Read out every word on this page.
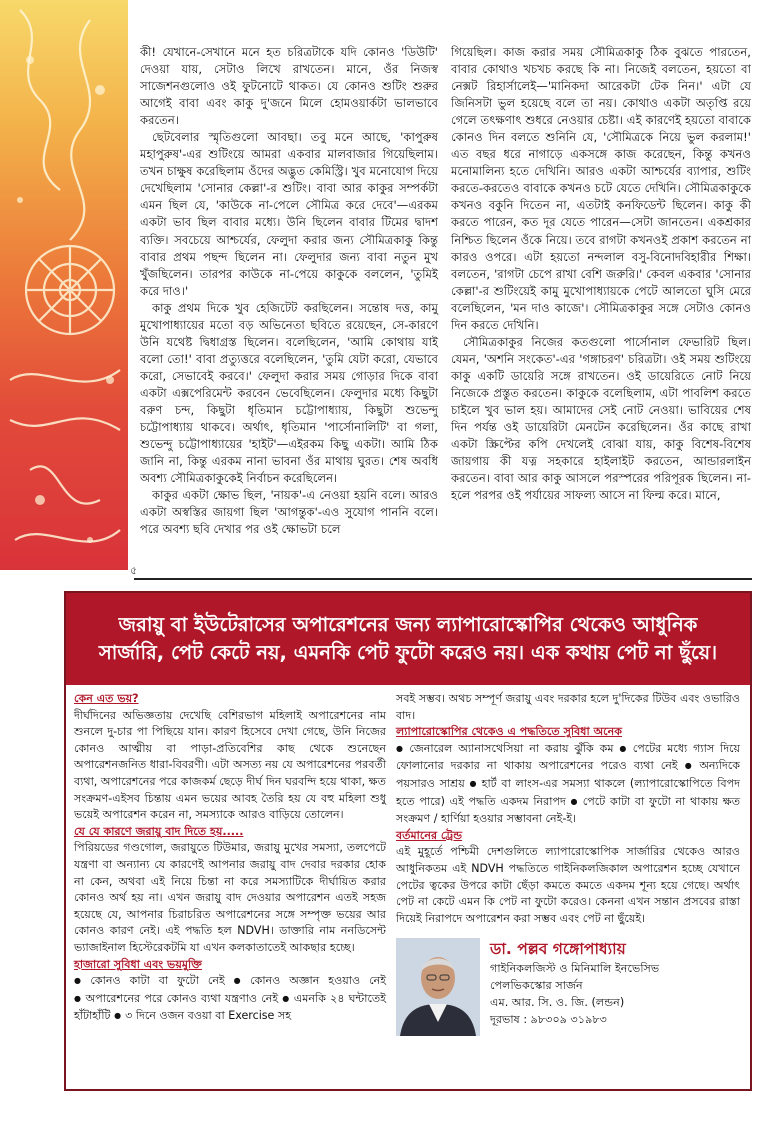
কী! যেখানে-সেখানে মনে হত চরিত্রটাকে যদি কোনও 'ডিউটি' দেওয়া যায়, সেটাও লিখে রাখতেন। মানে, ওঁর নিজস্ব সাজেশনগুলোও ওই ফুটনোটে থাকত। যে কোনও শুটিং শুরুর আগেই বাবা এবং কাকু দু'জনে মিলে হোমওয়ার্কটা ভালভাবে করতেন।

ছেটবেলার স্মৃতিগুলো আবছা। তবু মনে আছে, 'কাপুরুষ মহাপুরুষ'-এর শুটিংয়ে আমরা একবার মালবাজার গিয়েছিলাম। তখন চাক্ষুষ করেছিলাম ওঁদের অদ্ভুত কেমিস্ট্রি। খুব মনোযোগ দিয়ে দেখেছিলাম 'সোনার কেল্লা'-র শুটিং। বাবা আর কাকুর সম্পর্কটা এমন ছিল যে, 'কাউকে না-পেলে সৌমিত্র করে দেবে'—এরকম একটা ভাব ছিল বাবার মধ্যে। উনি ছিলেন বাবার টিমের দ্বাদশ ব্যক্তি। সবচেয়ে আশ্চর্যের, ফেলুদা করার জন্য সৌমিত্রকাকু কিন্তু বাবার প্রথম পছন্দ ছিলেন না। ফেলুদার জন্য বাবা নতুন মুখ খুঁজছিলেন। তারপর কাউকে না-পেয়ে কাকুকে বললেন, 'তুমিই করে দাও।'

কাকু প্রথম দিকে খুব হেজিটেট করছিলেন। সন্তোষ দত্ত, কামু মুখোপাধ্যায়ের মতো বড় অভিনেতা ছবিতে রয়েছেন, সে-কারণে উনি যথেষ্ট দ্বিধাগ্রস্ত ছিলেন। বলেছিলেন, 'আমি কোথায় যাই বলো তো!' বাবা প্রত্যুত্তরে বলেছিলেন, 'তুমি যেটা করো, যেভাবে করো, সেভাবেই করবে।' ফেলুদা করার সময় গোড়ার দিকে বাবা একটা এক্সপেরিমেন্ট করবেন ভেবেছিলেন। ফেলুদার মধ্যে কিছুটা বরুণ চন্দ, কিছুটা ধৃতিমান চট্টোপাধ্যায়, কিছুটা শুভেন্দু চট্টোপাধ্যায় থাকবে। অর্থাৎ, ধৃতিমান 'পার্সোনালিটি' বা গলা, শুভেন্দু চট্টোপাধ্যায়ের 'হাইট'—এইরকম কিছু একটা। আমি ঠিক জানি না, কিন্তু এরকম নানা ভাবনা ওঁর মাথায় ঘুরত। শেষ অবধি অবশ্য সৌমিত্রকাকুকেই নির্বাচন করেছিলেন।

কাকুর একটা ক্ষোভ ছিল, 'নায়ক'-এ নেওয়া হয়নি বলে। আরও একটা অস্বস্তির জায়গা ছিল 'আগন্তুক'-এও সুযোগ পাননি বলে। পরে অবশ্য ছবি দেখার পর ওই ক্ষোভটা চলে

গিয়েছিল। কাজ করার সময় সৌমিত্রকাকু ঠিক বুঝতে পারতেন, বাবার কোথাও খচখচ করছে কি না। নিজেই বলতেন, হয়তো বা নেক্সট রিহার্সালেই—'মানিকদা আরেকটা টেক নিন।' এটা যে জিনিসটা ভুল হয়েছে বলে তা নয়। কোথাও একটা অতৃপ্তি রয়ে গেলে তৎক্ষণাৎ শুধরে নেওয়ার চেষ্টা। এই কারণেই হয়তো বাবাকে কোনও দিন বলতে শুনিনি যে, 'সৌমিত্রকে নিয়ে ভুল করলাম!' এত বছর ধরে নাগাড়ে একসঙ্গে কাজ করেছেন, কিন্তু কখনও মনোমালিন্য হতে দেখিনি। আরও একটা আশ্চর্যের ব্যাপার, শুটিং করতে-করতেও বাবাকে কখনও চটে যেতে দেখিনি। সৌমিত্রকাকুকে কখনও বকুনি দিতেন না, এতটাই কনফিডেন্ট ছিলেন। কাকু কী করতে পারেন, কত দূর যেতে পারেন—সেটা জানতেন। একশ্রকার নিশ্চিত ছিলেন ওঁকে নিয়ে। তবে রাগটা কখনওই প্রকাশ করতেন না কারও ওপরে। এটা হয়তো নন্দলাল বসু-বিনোদবিহারীর শিক্ষা। বলতেন, 'রাগটা চেপে রাখা বেশি জরুরি।' কেবল একবার 'সোনার কেল্লা'-র শুটিংয়েই কামু মুখোপাধ্যায়কে পেটে আলতো ঘুসি মেরে বলেছিলেন, 'মন দাও কাজে'। সৌমিত্রকাকুর সঙ্গে সেটাও কোনও দিন করতে দেখিনি।

সৌমিত্রকাকুর নিজের কতগুলো পার্সোনাল ফেভারিট ছিল। যেমন, 'অশনি সংকেত'-এর 'গঙ্গাচরণ' চরিত্রটা। ওই সময় শুটিংয়ে কাকু একটি ডায়েরি সঙ্গে রাখতেন। ওই ডায়েরিতে নোট নিয়ে নিজেকে প্রস্তুত করতেন। কাকুকে বলেছিলাম, এটা পাবলিশ করতে চাইলে খুব ভাল হয়। আমাদের সেই নোট নেওয়া। ভাবিয়ের শেষ দিন পর্যন্ত ওই ডায়েরিটা মেনটেন করেছিলেন। ওঁর কাছে রাখা একটা স্ক্রিপ্টের কপি দেখলেই বোঝা যায়, কাকু বিশেষ-বিশেষ জায়গায় কী যত্ন সহকারে হাইলাইট করতেন, আন্ডারলাইন করতেন। বাবা আর কাকু আসলে পরস্পরের পরিপূরক ছিলেন। না-হলে পরপর ওই পর্যায়ের সাফল্য আসে না ফিল্ম করে। মানে,

৫
জরায়ু বা ইউটেরাসের অপারেশনের জন্য ল্যাপারোস্কোপির থেকেও আধুনিক সার্জারি, পেট কেটে নয়, এমনকি পেট ফুটো করেও নয়। এক কথায় পেট না ছুঁয়ে।

কেন এত ভয়?

দীর্ঘদিনের অভিজ্ঞতায় দেখেছি বেশিরভাগ মহিলাই অপারেশনের নাম শুনলে দু-চার পা পিছিয়ে যান। কারণ হিসেবে দেখা গেছে, উনি নিজের কোনও আত্মীয় বা পাড়া-প্রতিবেশির কাছ থেকে শুনেছেন অপারেশনজনিত ধারা-বিবরণী। এটা অসত্য নয় যে অপারেশনের পরবর্তী ব্যথা, অপারেশনের পরে কাজকর্ম ছেড়ে দীর্ঘ দিন ঘরবন্দি হয়ে থাকা, ক্ষত সংক্রমণ-এইসব চিন্তায় এমন ভয়ের আবহ তৈরি হয় যে বহু মহিলা শুধু ভয়েই অপারেশন করেন না, সমস্যাকে আরও বাড়িয়ে তোলেন।

যে যে কারণে জরায়ু বাদ দিতে হয়.....

পিরিয়ডের গণ্ডগোল, জরায়ুতে টিউমার, জরায়ু মুখের সমস্যা, তলপেটে যন্ত্রণা বা অন্যান্য যে কারণেই আপনার জরায়ু বাদ দেবার দরকার হোক না কেন, অথবা এই নিয়ে চিন্তা না করে সমস্যাটিকে দীর্ঘায়িত করার কোনও অর্থ হয় না। এখন জরায়ু বাদ দেওয়ার অপারেশন এতই সহজ হয়েছে যে, আপনার চিরাচরিত অপারেশনের সঙ্গে সম্পৃক্ত ভয়ের আর কোনও কারণ নেই। এই পদ্ধতি হল NDVH। ডাক্তারি নাম ননডিসেন্ট ভ্যাজাইনাল হিস্টেরেকটমি যা এখন কলকাতাতেই আকছার হচ্ছে।

হাজারো সুবিধা এবং ভয়মুক্তি

● কোনও কাটা বা ফুটো নেই ● কোনও অজ্ঞান হওয়াও নেই ● অপারেশনের পরে কোনও ব্যথা যন্ত্রণাও নেই ● এমনকি ২৪ ঘন্টাতেই হাঁটাহাঁটি ● ৩ দিনে ওজন বওয়া বা Exercise সহ

সবই সম্ভব। অথচ সম্পূর্ণ জরায়ু এবং দরকার হলে দু'দিকের টিউব এবং ওভারিও বাদ।

ল্যাপারোস্কোপির থেকেও এ পদ্ধতিতে সুবিধা অনেক

● জেনারেল অ্যানাসথেসিয়া না করায় ঝুঁকি কম ● পেটের মধ্যে গ্যাস দিয়ে ফোলানোর দরকার না থাকায় অপারেশনের পরেও ব্যথা নেই ● অন্যদিকে পয়সারও সাশ্রয় ● হার্ট বা লাংস-এর সমস্যা থাকলে (ল্যাপারোস্কোপিতে বিপদ হতে পারে) এই পদ্ধতি একদম নিরাপদ ● পেটে কাটা বা ফুটো না থাকায় ক্ষত সংক্রমণ / হার্ণিয়া হওয়ার সম্ভাবনা নেই-ই।

বর্তমানের ট্রেন্ড

এই মুহূর্তে পশ্চিমী দেশগুলিতে ল্যাপারোস্কোপিক সার্জারির থেকেও আরও আধুনিকতম এই NDVH পদ্ধতিতে গাইনিকলজিকাল অপারেশন হচ্ছে যেখানে পেটের ত্বকের উপরে কাটা ছেঁড়া কমতে কমতে একদম শূন্য হয়ে গেছে। অর্থাৎ পেট না কেটে এমন কি পেট না ফুটো করেও। কেননা এখন সন্তান প্রসবের রাস্তা দিয়েই নিরাপদে অপারেশন করা সম্ভব এবং পেট না ছুঁয়েই।

ডা. পল্লব গঙ্গোপাধ্যায়
গাইনিকলজিস্ট ও মিনিমালি ইনভেসিভ
পেলভিকস্কোর সার্জন
এম. আর. সি. ও. জি. (লন্ডন)
দূরভাষ : ৯৮৩০৯ ৩১৯৮৩
